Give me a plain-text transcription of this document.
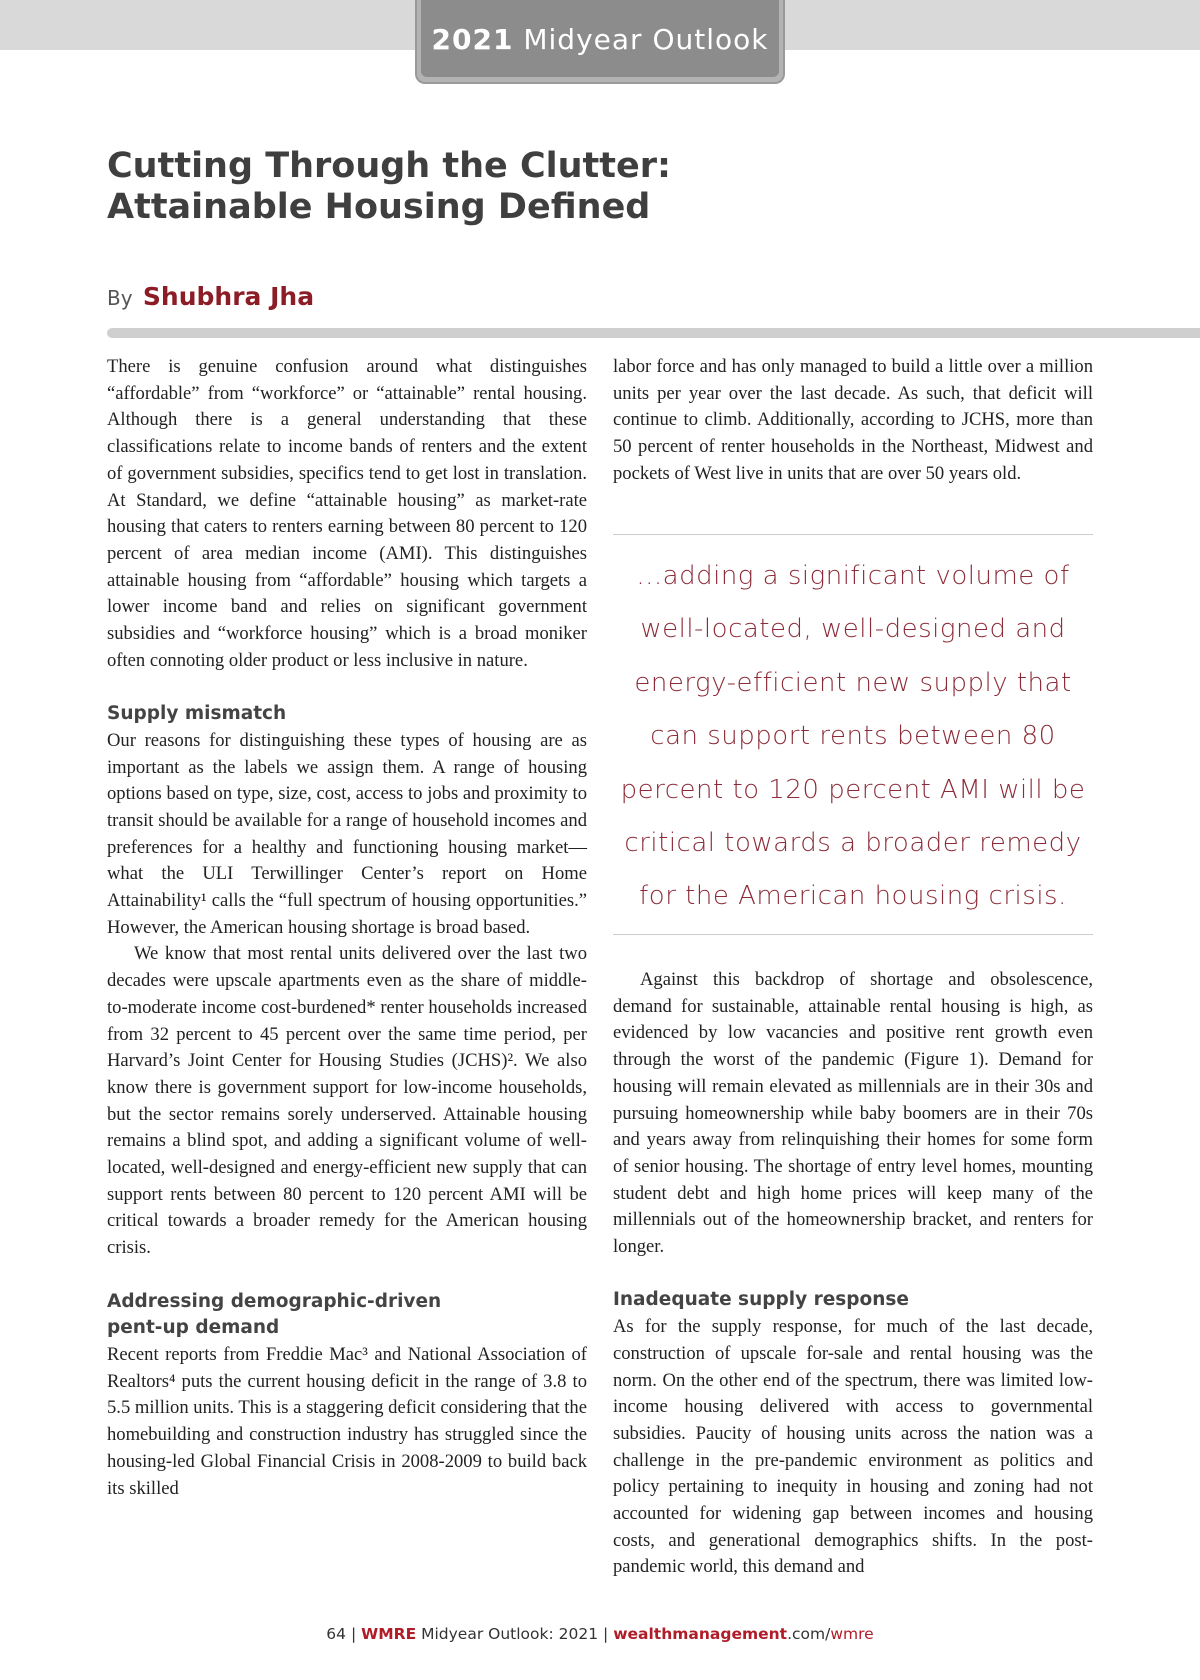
2021 Midyear Outlook
Cutting Through the Clutter:
Attainable Housing Defined
By Shubhra Jha

There is genuine confusion around what distinguishes “affordable” from “workforce” or “attainable” rental housing. Although there is a general understanding that these classifications relate to income bands of renters and the extent of government subsidies, specifics tend to get lost in translation. At Standard, we define “attainable housing” as market-rate housing that caters to renters earning between 80 percent to 120 percent of area median income (AMI). This distinguishes attainable housing from “affordable” housing which targets a lower income band and relies on significant government subsidies and “workforce housing” which is a broad moniker often connoting older product or less inclusive in nature.

Supply mismatch

Our reasons for distinguishing these types of housing are as important as the labels we assign them. A range of housing options based on type, size, cost, access to jobs and proximity to transit should be available for a range of household incomes and preferences for a healthy and functioning housing market—what the ULI Terwillinger Center’s report on Home Attainability¹ calls the “full spectrum of housing opportunities.” However, the American housing shortage is broad based.

We know that most rental units delivered over the last two decades were upscale apartments even as the share of middle-to-moderate income cost-burdened* renter households increased from 32 percent to 45 percent over the same time period, per Harvard’s Joint Center for Housing Studies (JCHS)². We also know there is government support for low-income households, but the sector remains sorely underserved. Attainable housing remains a blind spot, and adding a significant volume of well-located, well-designed and energy-efficient new supply that can support rents between 80 percent to 120 percent AMI will be critical towards a broader remedy for the American housing crisis.

Addressing demographic-driven
pent-up demand

Recent reports from Freddie Mac³ and National Association of Realtors⁴ puts the current housing deficit in the range of 3.8 to 5.5 million units. This is a staggering deficit considering that the homebuilding and construction industry has struggled since the housing-led Global Financial Crisis in 2008-2009 to build back its skilled

labor force and has only managed to build a little over a million units per year over the last decade. As such, that deficit will continue to climb. Additionally, according to JCHS, more than 50 percent of renter households in the Northeast, Midwest and pockets of West live in units that are over 50 years old.

...adding a significant volume of well-located, well-designed and energy-efficient new supply that can support rents between 80 percent to 120 percent AMI will be critical towards a broader remedy for the American housing crisis.

Against this backdrop of shortage and obsolescence, demand for sustainable, attainable rental housing is high, as evidenced by low vacancies and positive rent growth even through the worst of the pandemic (Figure 1). Demand for housing will remain elevated as millennials are in their 30s and pursuing homeownership while baby boomers are in their 70s and years away from relinquishing their homes for some form of senior housing. The shortage of entry level homes, mounting student debt and high home prices will keep many of the millennials out of the homeownership bracket, and renters for longer.

Inadequate supply response

As for the supply response, for much of the last decade, construction of upscale for-sale and rental housing was the norm. On the other end of the spectrum, there was limited low-income housing delivered with access to governmental subsidies. Paucity of housing units across the nation was a challenge in the pre-pandemic environment as politics and policy pertaining to inequity in housing and zoning had not accounted for widening gap between incomes and housing costs, and generational demographics shifts. In the post-pandemic world, this demand and

64 | WMRE Midyear Outlook: 2021 | wealthmanagement.com/wmre
